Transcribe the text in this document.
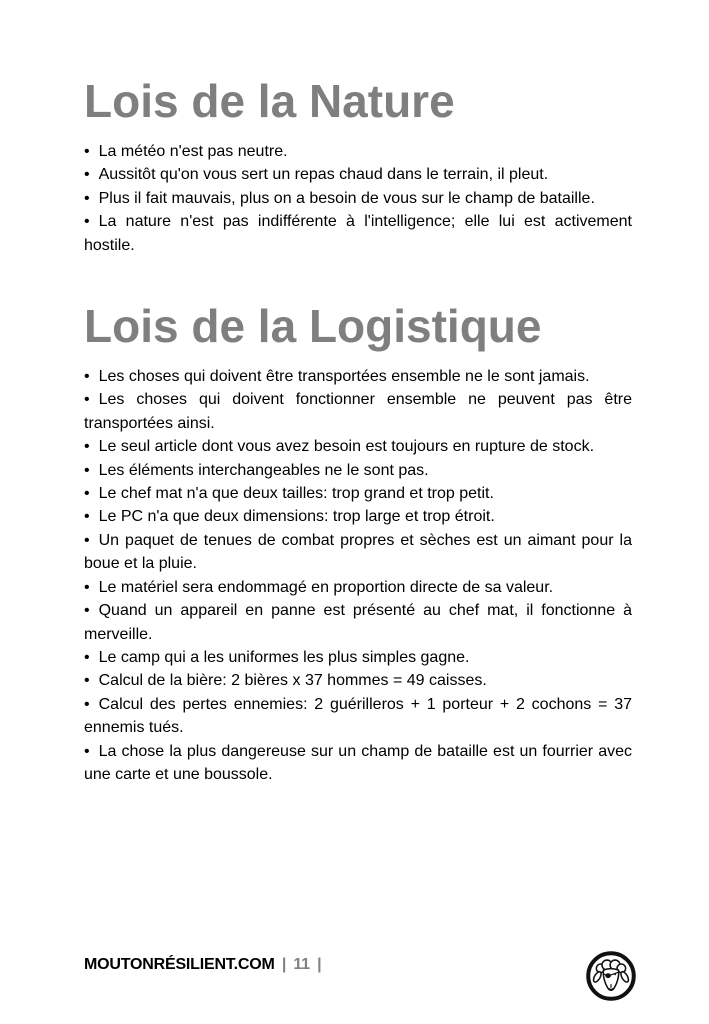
Lois de la Nature

• La météo n'est pas neutre.

• Aussitôt qu'on vous sert un repas chaud dans le terrain, il pleut.

• Plus il fait mauvais, plus on a besoin de vous sur le champ de bataille.

• La nature n'est pas indifférente à l'intelligence; elle lui est activement hostile.

Lois de la Logistique

• Les choses qui doivent être transportées ensemble ne le sont jamais.

• Les choses qui doivent fonctionner ensemble ne peuvent pas être transportées ainsi.

• Le seul article dont vous avez besoin est toujours en rupture de stock.

• Les éléments interchangeables ne le sont pas.

• Le chef mat n'a que deux tailles: trop grand et trop petit.

• Le PC n'a que deux dimensions: trop large et trop étroit.

• Un paquet de tenues de combat propres et sèches est un aimant pour la boue et la pluie.

• Le matériel sera endommagé en proportion directe de sa valeur.

• Quand un appareil en panne est présenté au chef mat, il fonctionne à merveille.

• Le camp qui a les uniformes les plus simples gagne.

• Calcul de la bière: 2 bières x 37 hommes = 49 caisses.

• Calcul des pertes ennemies: 2 guérilleros + 1 porteur + 2 cochons = 37 ennemis tués.

• La chose la plus dangereuse sur un champ de bataille est un fourrier avec une carte et une boussole.

MOUTONRÉSILIENT.COM | 11 |
